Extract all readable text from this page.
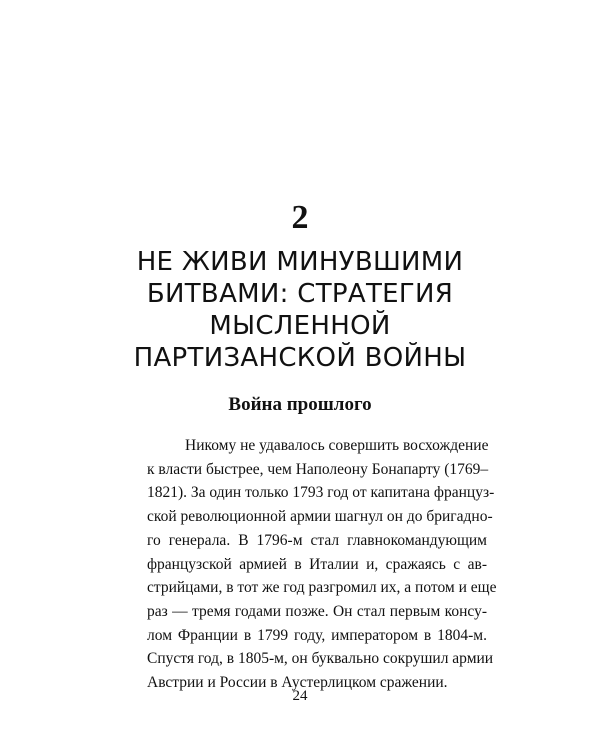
2
НЕ ЖИВИ МИНУВШИМИ
БИТВАМИ: СТРАТЕГИЯ
МЫСЛЕННОЙ
ПАРТИЗАНСКОЙ ВОЙНЫ
Война прошлого
Никому не удавалось совершить восхождение
к власти быстрее, чем Наполеону Бонапарту (1769–
1821). За один только 1793 год от капитана француз-
ской революционной армии шагнул он до бригадно-
го генерала. В 1796-м стал главнокомандующим
французской армией в Италии и, сражаясь с ав-
стрийцами, в тот же год разгромил их, а потом и еще
раз — тремя годами позже. Он стал первым консу-
лом Франции в 1799 году, императором в 1804-м.
Спустя год, в 1805-м, он буквально сокрушил армии
Австрии и России в Аустерлицком сражении.
24
